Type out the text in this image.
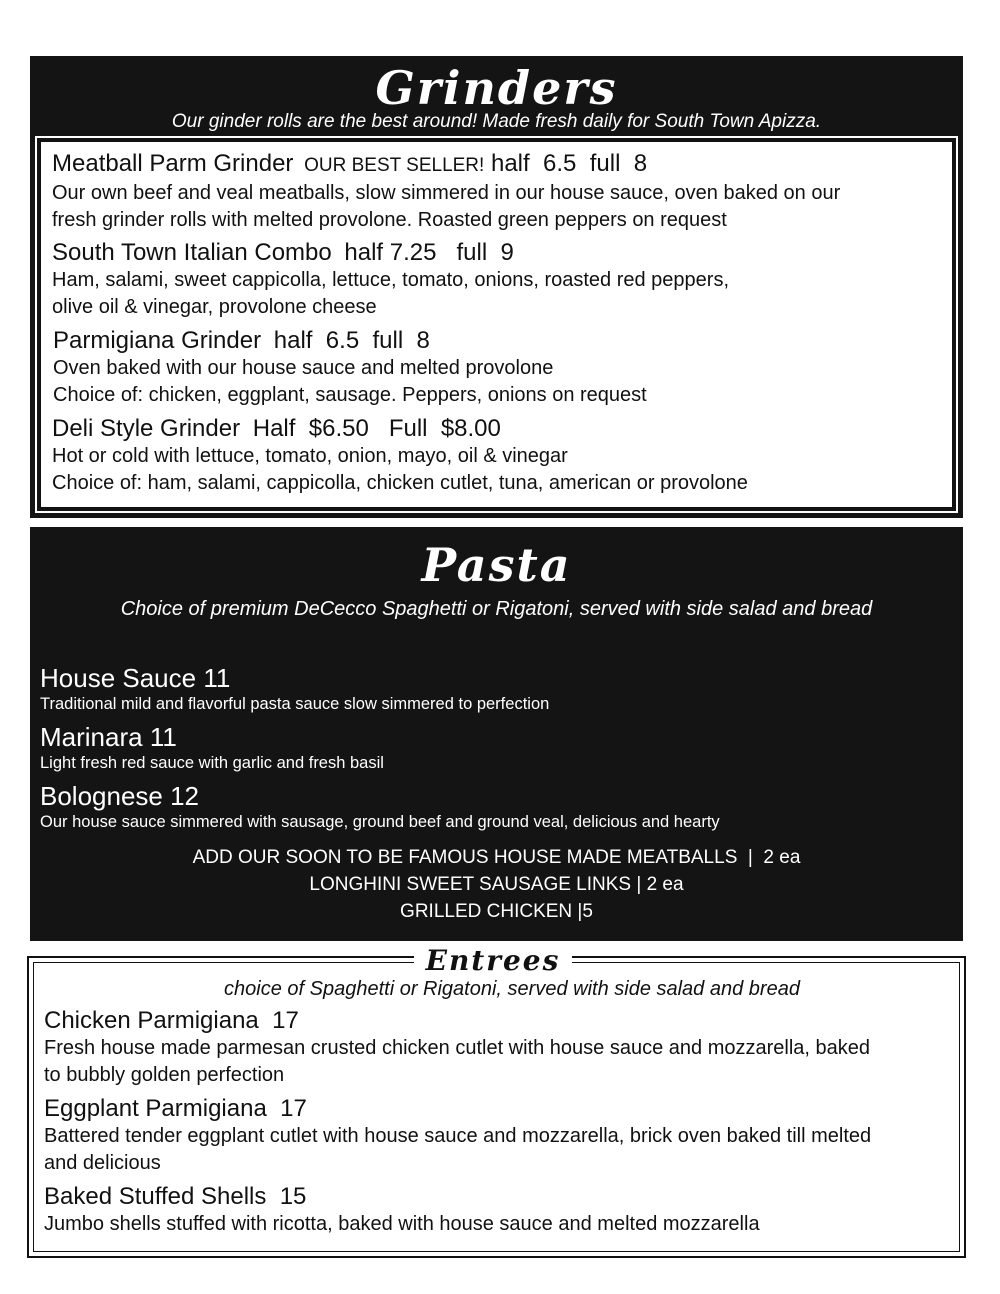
Grinders
Our ginder rolls are the best around! Made fresh daily for South Town Apizza.
Meatball Parm Grinder OUR BEST SELLER! half  6.5  full  8
Our own beef and veal meatballs, slow simmered in our house sauce, oven baked on our
fresh grinder rolls with melted provolone. Roasted green peppers on request
South Town Italian Combo half 7.25   full  9
Ham, salami, sweet cappicolla, lettuce, tomato, onions, roasted red peppers,
olive oil & vinegar, provolone cheese
Parmigiana Grinder half  6.5  full  8
Oven baked with our house sauce and melted provolone
Choice of: chicken, eggplant, sausage. Peppers, onions on request
Deli Style Grinder Half  $6.50   Full  $8.00
Hot or cold with lettuce, tomato, onion, mayo, oil & vinegar
Choice of: ham, salami, cappicolla, chicken cutlet, tuna, american or provolone
Pasta
Choice of premium DeCecco Spaghetti or Rigatoni, served with side salad and bread
House Sauce 11
Traditional mild and flavorful pasta sauce slow simmered to perfection
Marinara 11
Light fresh red sauce with garlic and fresh basil
Bolognese 12
Our house sauce simmered with sausage, ground beef and ground veal, delicious and hearty
ADD OUR SOON TO BE FAMOUS HOUSE MADE MEATBALLS  |  2 ea
LONGHINI SWEET SAUSAGE LINKS | 2 ea
GRILLED CHICKEN |5
Entrees
choice of Spaghetti or Rigatoni, served with side salad and bread
Chicken Parmigiana  17
Fresh house made parmesan crusted chicken cutlet with house sauce and mozzarella, baked
to bubbly golden perfection
Eggplant Parmigiana  17
Battered tender eggplant cutlet with house sauce and mozzarella, brick oven baked till melted
and delicious
Baked Stuffed Shells  15
Jumbo shells stuffed with ricotta, baked with house sauce and melted mozzarella
